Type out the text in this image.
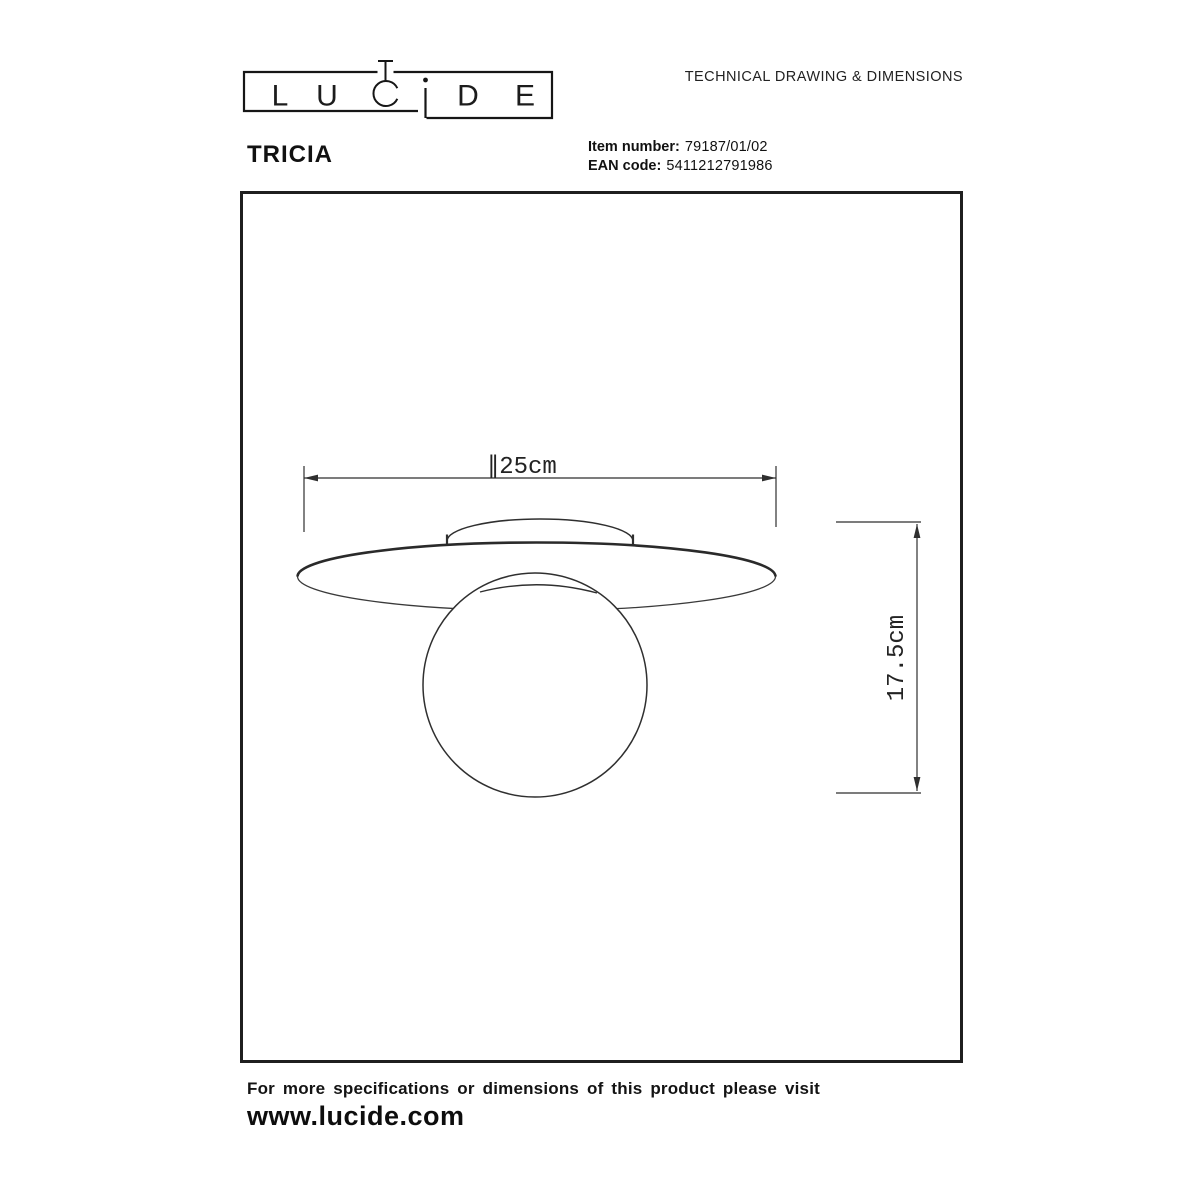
L U	D E
TECHNICAL DRAWING & DIMENSIONS
TRICIA	Item number: 79187/01/02
EAN code: 5411212791986
∥25cm
17.5cm
For more specifications or dimensions of this product please visit
www.lucide.com
